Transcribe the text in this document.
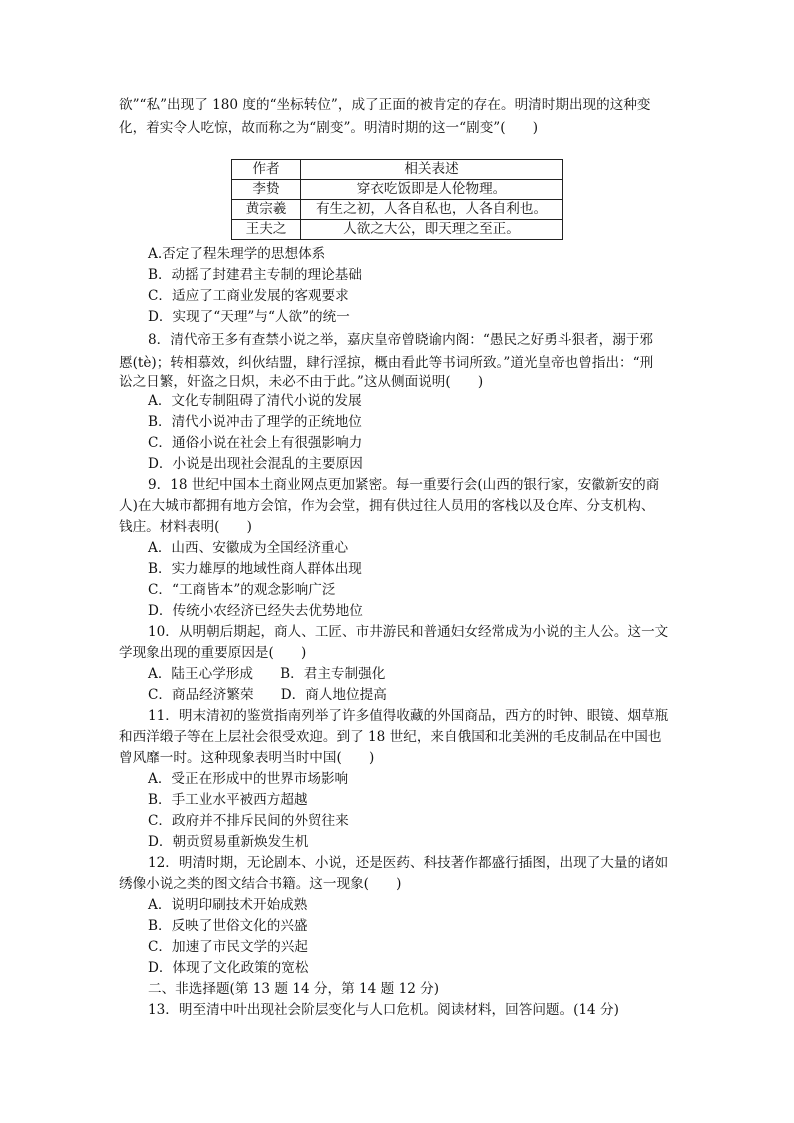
欲”“私”出现了 180 度的“坐标转位”，成了正面的被肯定的存在。明清时期出现的这种变
化，着实令人吃惊，故而称之为“剧变”。明清时期的这一“剧变”(　　)
作者	相关表述
李贽	穿衣吃饭即是人伦物理。
黄宗羲	有生之初，人各自私也，人各自利也。
王夫之	人欲之大公，即天理之至正。
A.否定了程朱理学的思想体系
B．动摇了封建君主专制的理论基础
C．适应了工商业发展的客观要求
D．实现了“天理”与“人欲”的统一
8．清代帝王多有查禁小说之举，嘉庆皇帝曾晓谕内阁：“愚民之好勇斗狠者，溺于邪
慝(tè)；转相慕效，纠伙结盟，肆行淫掠，概由看此等书词所致。”道光皇帝也曾指出：“刑
讼之日繁，奸盗之日炽，未必不由于此。”这从侧面说明(　　)
A．文化专制阻碍了清代小说的发展
B．清代小说冲击了理学的正统地位
C．通俗小说在社会上有很强影响力
D．小说是出现社会混乱的主要原因
9．18 世纪中国本土商业网点更加紧密。每一重要行会(山西的银行家，安徽新安的商
人)在大城市都拥有地方会馆，作为会堂，拥有供过往人员用的客栈以及仓库、分支机构、
钱庄。材料表明(　　)
A．山西、安徽成为全国经济重心
B．实力雄厚的地域性商人群体出现
C．“工商皆本”的观念影响广泛
D．传统小农经济已经失去优势地位
10．从明朝后期起，商人、工匠、市井游民和普通妇女经常成为小说的主人公。这一文
学现象出现的重要原因是(　　)
A．陆王心学形成　　B．君主专制强化
C．商品经济繁荣　　D．商人地位提高
11．明末清初的鉴赏指南列举了许多值得收藏的外国商品，西方的时钟、眼镜、烟草瓶
和西洋缎子等在上层社会很受欢迎。到了 18 世纪，来自俄国和北美洲的毛皮制品在中国也
曾风靡一时。这种现象表明当时中国(　　)
A．受正在形成中的世界市场影响
B．手工业水平被西方超越
C．政府并不排斥民间的外贸往来
D．朝贡贸易重新焕发生机
12．明清时期，无论剧本、小说，还是医药、科技著作都盛行插图，出现了大量的诸如
绣像小说之类的图文结合书籍。这一现象(　　)
A．说明印刷技术开始成熟
B．反映了世俗文化的兴盛
C．加速了市民文学的兴起
D．体现了文化政策的宽松
二、非选择题(第 13 题 14 分，第 14 题 12 分)
13．明至清中叶出现社会阶层变化与人口危机。阅读材料，回答问题。(14 分)
